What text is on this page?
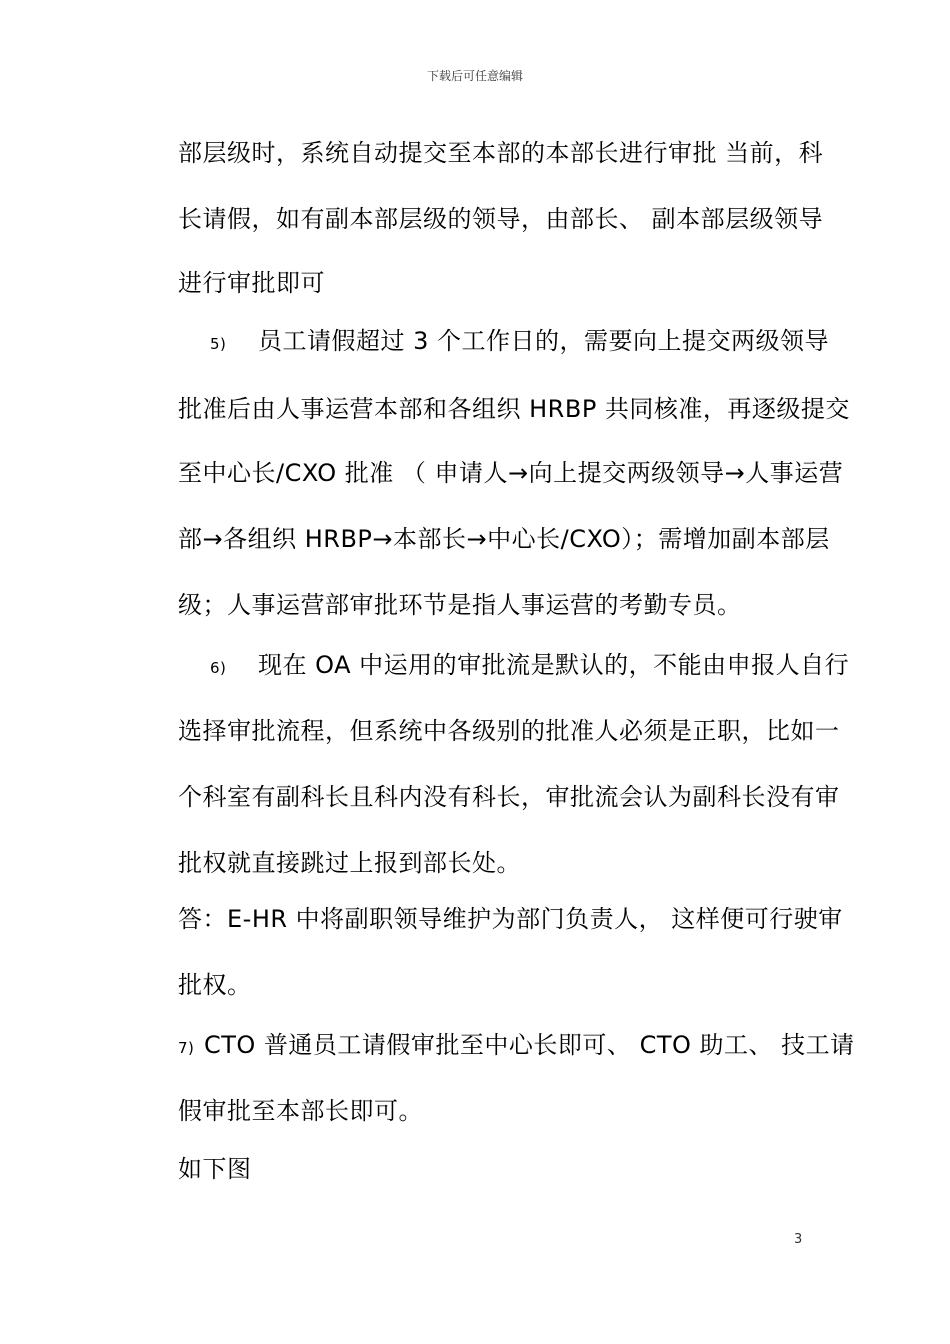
下载后可任意编辑
部层级时，系统自动提交至本部的本部长进行审批 当前，科
长请假，如有副本部层级的领导，由部长、 副本部层级领导
进行审批即可
5) 员工请假超过 3 个工作日的，需要向上提交两级领导
批准后由人事运营本部和各组织 HRBP 共同核准，再逐级提交
至中心长/CXO 批准 （ 申请人→向上提交两级领导→人事运营
部→各组织 HRBP→本部长→中心长/CXO）；需增加副本部层
级；人事运营部审批环节是指人事运营的考勤专员。
6) 现在 OA 中运用的审批流是默认的，不能由申报人自行
选择审批流程，但系统中各级别的批准人必须是正职，比如一
个科室有副科长且科内没有科长，审批流会认为副科长没有审
批权就直接跳过上报到部长处。
答：E-HR 中将副职领导维护为部门负责人， 这样便可行驶审
批权。
7) CTO 普通员工请假审批至中心长即可、 CTO 助工、 技工请
假审批至本部长即可。
如下图
3
